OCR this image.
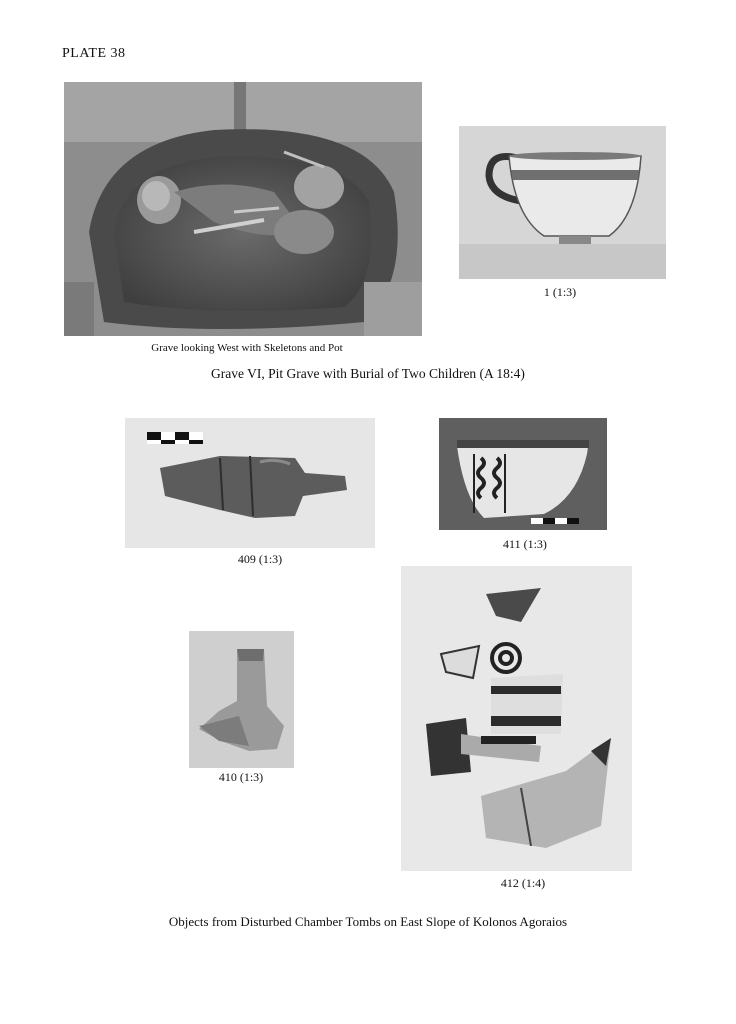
PLATE 38
1 (1:3)
Grave looking West with Skeletons and Pot
Grave VI, Pit Grave with Burial of Two Children (A 18:4)
409 (1:3)
411 (1:3)
410 (1:3)
412 (1:4)
Objects from Disturbed Chamber Tombs on East Slope of Kolonos Agoraios
